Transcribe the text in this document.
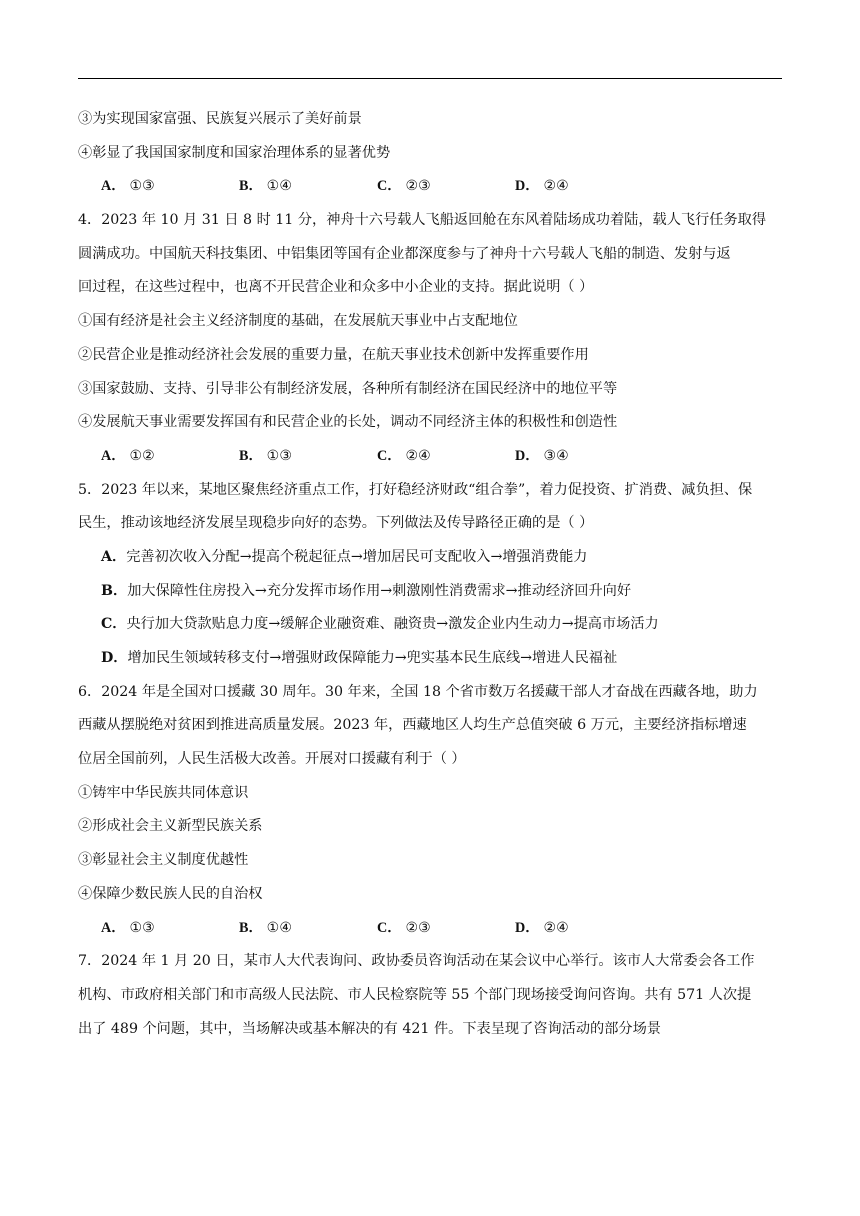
③为实现国家富强、民族复兴展示了美好前景
④彰显了我国国家制度和国家治理体系的显著优势
A． ①③	B． ①④	C． ②③	D． ②④
4．2023 年 10 月 31 日 8 时 11 分，神舟十六号载人飞船返回舱在东风着陆场成功着陆，载人飞行任务取得
圆满成功。中国航天科技集团、中铝集团等国有企业都深度参与了神舟十六号载人飞船的制造、发射与返
回过程，在这些过程中，也离不开民营企业和众多中小企业的支持。据此说明（ ）
①国有经济是社会主义经济制度的基础，在发展航天事业中占支配地位
②民营企业是推动经济社会发展的重要力量，在航天事业技术创新中发挥重要作用
③国家鼓励、支持、引导非公有制经济发展，各种所有制经济在国民经济中的地位平等
④发展航天事业需要发挥国有和民营企业的长处，调动不同经济主体的积极性和创造性
A． ①②	B． ①③	C． ②④	D． ③④
5．2023 年以来，某地区聚焦经济重点工作，打好稳经济财政“组合拳”，着力促投资、扩消费、减负担、保
民生，推动该地经济发展呈现稳步向好的态势。下列做法及传导路径正确的是（ ）
A．完善初次收入分配→提高个税起征点→增加居民可支配收入→增强消费能力
B．加大保障性住房投入→充分发挥市场作用→刺激刚性消费需求→推动经济回升向好
C．央行加大贷款贴息力度→缓解企业融资难、融资贵→激发企业内生动力→提高市场活力
D．增加民生领域转移支付→增强财政保障能力→兜实基本民生底线→增进人民福祉
6．2024 年是全国对口援藏 30 周年。30 年来，全国 18 个省市数万名援藏干部人才奋战在西藏各地，助力
西藏从摆脱绝对贫困到推进高质量发展。2023 年，西藏地区人均生产总值突破 6 万元，主要经济指标增速
位居全国前列，人民生活极大改善。开展对口援藏有利于（ ）
①铸牢中华民族共同体意识
②形成社会主义新型民族关系
③彰显社会主义制度优越性
④保障少数民族人民的自治权
A． ①③	B． ①④	C． ②③	D． ②④
7．2024 年 1 月 20 日，某市人大代表询问、政协委员咨询活动在某会议中心举行。该市人大常委会各工作
机构、市政府相关部门和市高级人民法院、市人民检察院等 55 个部门现场接受询问咨询。共有 571 人次提
出了 489 个问题，其中，当场解决或基本解决的有 421 件。下表呈现了咨询活动的部分场景
